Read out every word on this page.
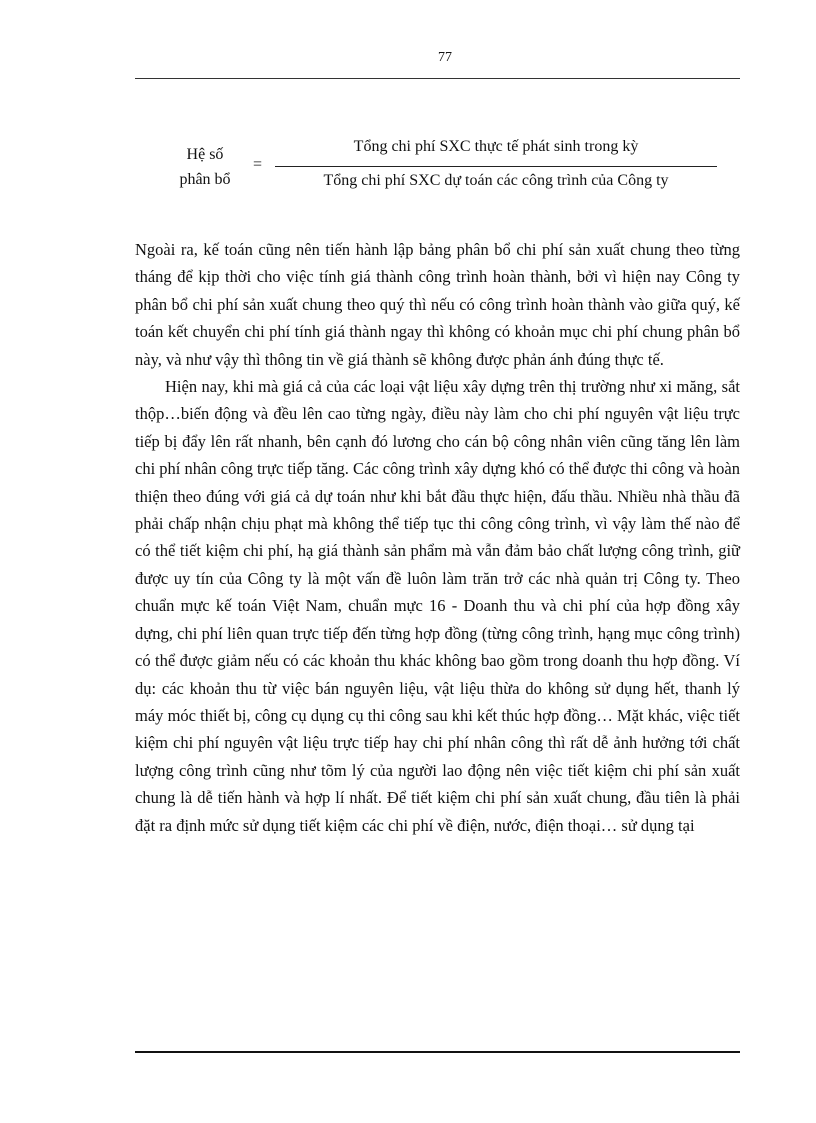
77
Hệ số
phân bổ
=
Tổng chi phí SXC thực tế phát sinh trong kỳ
Tổng chi phí SXC dự toán các công trình của Công ty

Ngoài ra, kế toán cũng nên tiến hành lập bảng phân bổ chi phí sản xuất chung theo từng tháng để kịp thời cho việc tính giá thành công trình hoàn thành, bởi vì hiện nay Công ty phân bổ chi phí sản xuất chung theo quý thì nếu có công trình hoàn thành vào giữa quý, kế toán kết chuyển chi phí tính giá thành ngay thì không có khoản mục chi phí chung phân bổ này, và như vậy thì thông tin về giá thành sẽ không được phản ánh đúng thực tế.

Hiện nay, khi mà giá cả của các loại vật liệu xây dựng trên thị trường như xi măng, sắt thộp…biến động và đều lên cao từng ngày, điều này làm cho chi phí nguyên vật liệu trực tiếp bị đẩy lên rất nhanh, bên cạnh đó lương cho cán bộ công nhân viên cũng tăng lên làm chi phí nhân công trực tiếp tăng. Các công trình xây dựng khó có thể được thi công và hoàn thiện theo đúng với giá cả dự toán như khi bắt đầu thực hiện, đấu thầu. Nhiều nhà thầu đã phải chấp nhận chịu phạt mà không thể tiếp tục thi công công trình, vì vậy làm thế nào để có thể tiết kiệm chi phí, hạ giá thành sản phẩm mà vẫn đảm bảo chất lượng công trình, giữ được uy tín của Công ty là một vấn đề luôn làm trăn trở các nhà quản trị Công ty. Theo chuẩn mực kế toán Việt Nam, chuẩn mực 16 - Doanh thu và chi phí của hợp đồng xây dựng, chi phí liên quan trực tiếp đến từng hợp đồng (từng công trình, hạng mục công trình) có thể được giảm nếu có các khoản thu khác không bao gồm trong doanh thu hợp đồng. Ví dụ: các khoản thu từ việc bán nguyên liệu, vật liệu thừa do không sử dụng hết, thanh lý máy móc thiết bị, công cụ dụng cụ thi công sau khi kết thúc hợp đồng… Mặt khác, việc tiết kiệm chi phí nguyên vật liệu trực tiếp hay chi phí nhân công thì rất dễ ảnh hưởng tới chất lượng công trình cũng như tõm lý của người lao động nên việc tiết kiệm chi phí sản xuất chung là dễ tiến hành và hợp lí nhất. Để tiết kiệm chi phí sản xuất chung, đầu tiên là phải đặt ra định mức sử dụng tiết kiệm các chi phí về điện, nước, điện thoại… sử dụng tại
